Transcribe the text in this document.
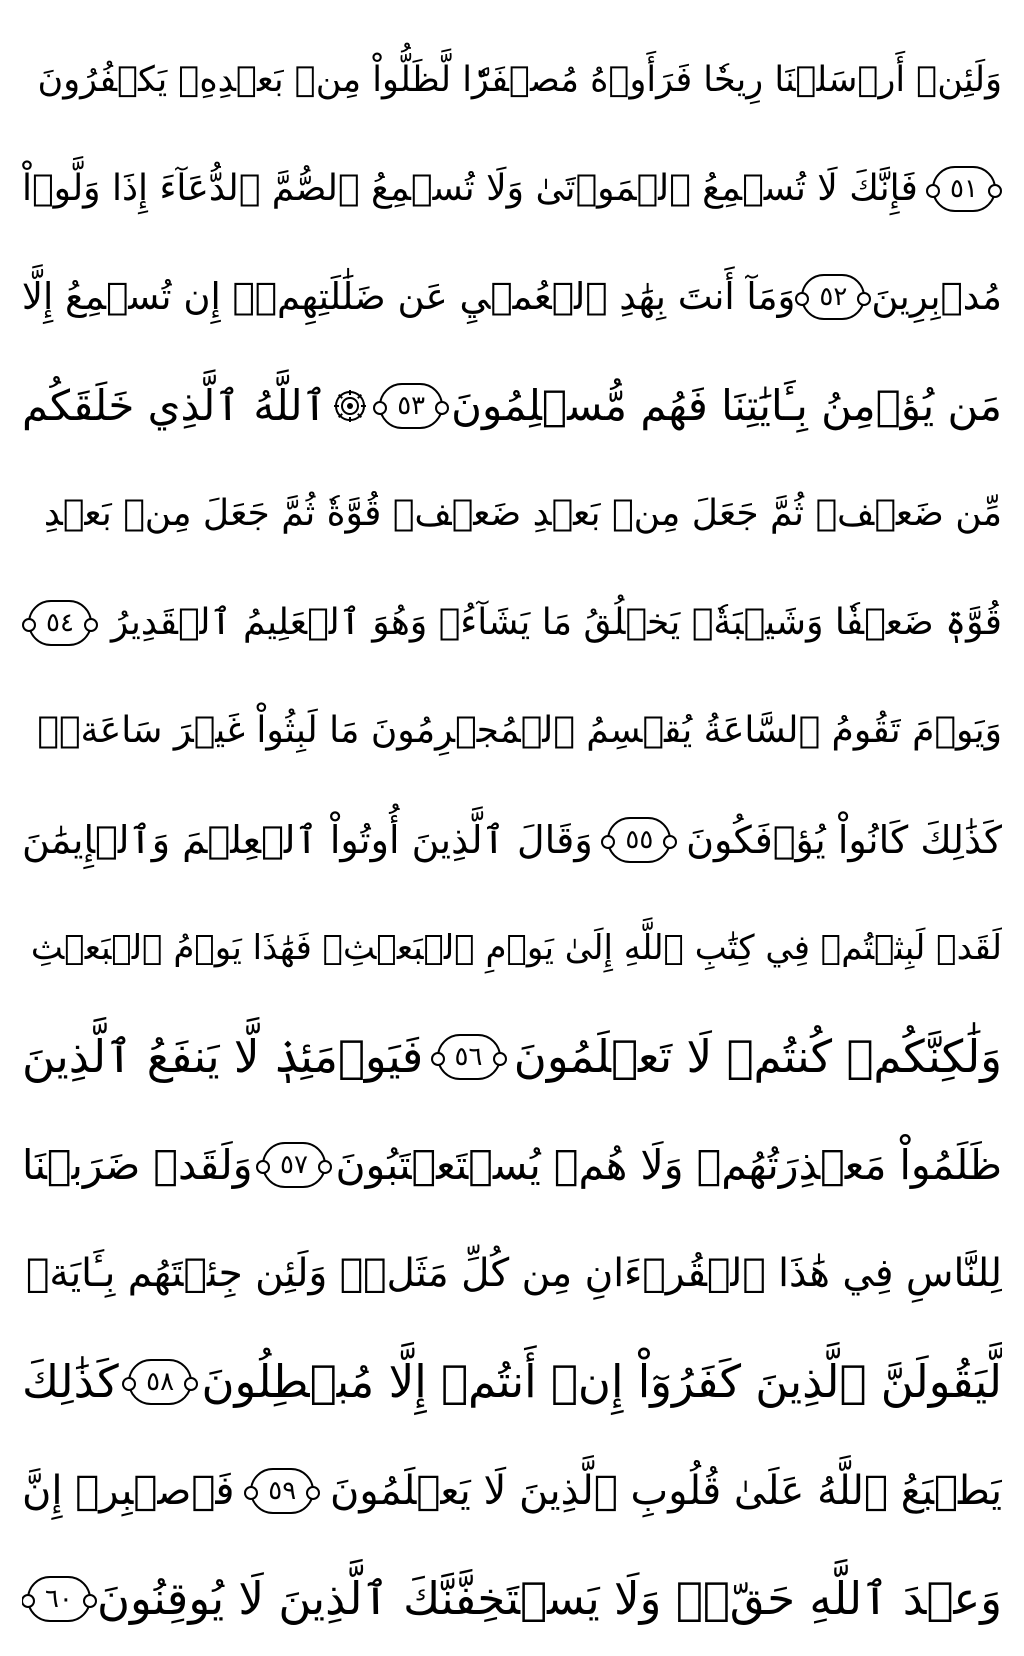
وَلَئِنۡ أَرۡسَلۡنَا رِيحٗا فَرَأَوۡهُ مُصۡفَرّٗا لَّظَلُّواْ مِنۢ بَعۡدِهِۦ يَكۡفُرُونَ
٥١
فَإِنَّكَ لَا تُسۡمِعُ ٱلۡمَوۡتَىٰ وَلَا تُسۡمِعُ ٱلصُّمَّ ٱلدُّعَآءَ إِذَا وَلَّوۡاْ
مُدۡبِرِينَ
٥٢
وَمَآ أَنتَ بِهَٰدِ ٱلۡعُمۡيِ عَن ضَلَٰلَتِهِمۡۖ إِن تُسۡمِعُ إِلَّا
مَن يُؤۡمِنُ بِـَٔايَٰتِنَا فَهُم مُّسۡلِمُونَ
٥٣
ٱللَّهُ ٱلَّذِي خَلَقَكُم
مِّن ضَعۡفٖ ثُمَّ جَعَلَ مِنۢ بَعۡدِ ضَعۡفٖ قُوَّةٗ ثُمَّ جَعَلَ مِنۢ بَعۡدِ
قُوَّةٖ ضَعۡفٗا وَشَيۡبَةٗۚ يَخۡلُقُ مَا يَشَآءُۖ وَهُوَ ٱلۡعَلِيمُ ٱلۡقَدِيرُ
٥٤
وَيَوۡمَ تَقُومُ ٱلسَّاعَةُ يُقۡسِمُ ٱلۡمُجۡرِمُونَ مَا لَبِثُواْ غَيۡرَ سَاعَةٖۚ
كَذَٰلِكَ كَانُواْ يُؤۡفَكُونَ
٥٥
وَقَالَ ٱلَّذِينَ أُوتُواْ ٱلۡعِلۡمَ وَٱلۡإِيمَٰنَ
لَقَدۡ لَبِثۡتُمۡ فِي كِتَٰبِ ٱللَّهِ إِلَىٰ يَوۡمِ ٱلۡبَعۡثِۖ فَهَٰذَا يَوۡمُ ٱلۡبَعۡثِ
وَلَٰكِنَّكُمۡ كُنتُمۡ لَا تَعۡلَمُونَ
٥٦
فَيَوۡمَئِذٖ لَّا يَنفَعُ ٱلَّذِينَ
ظَلَمُواْ مَعۡذِرَتُهُمۡ وَلَا هُمۡ يُسۡتَعۡتَبُونَ
٥٧
وَلَقَدۡ ضَرَبۡنَا
لِلنَّاسِ فِي هَٰذَا ٱلۡقُرۡءَانِ مِن كُلِّ مَثَلٖۚ وَلَئِن جِئۡتَهُم بِـَٔايَةٖ
لَّيَقُولَنَّ ٱلَّذِينَ كَفَرُوٓاْ إِنۡ أَنتُمۡ إِلَّا مُبۡطِلُونَ
٥٨
كَذَٰلِكَ
يَطۡبَعُ ٱللَّهُ عَلَىٰ قُلُوبِ ٱلَّذِينَ لَا يَعۡلَمُونَ
٥٩
فَٱصۡبِرۡ إِنَّ
وَعۡدَ ٱللَّهِ حَقّٞۖ وَلَا يَسۡتَخِفَّنَّكَ ٱلَّذِينَ لَا يُوقِنُونَ
٦٠
